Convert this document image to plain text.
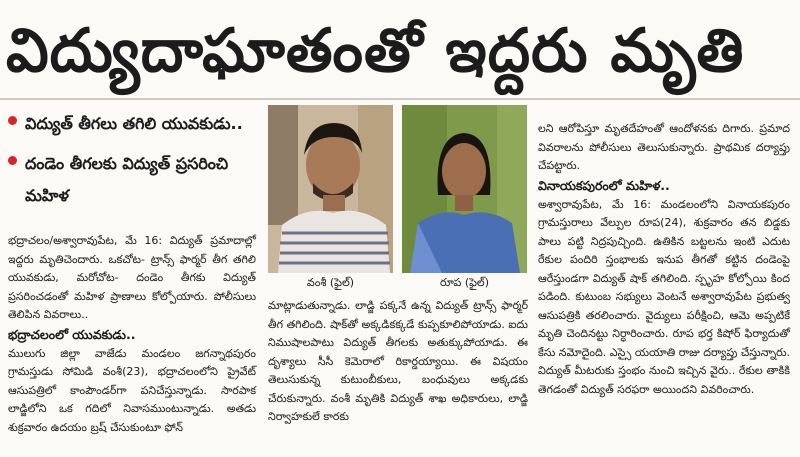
విద్యుదాఘాతంతో ఇద్దరు మృతి
విద్యుత్ తీగలు తగిలి యువకుడు..
దండెం తీగలకు విద్యుత్ ప్రసరించి మహిళ

భద్రాచలం/అశ్వారావుపేట, మే 16: విద్యుత్ ప్రమాదాల్లో ఇద్దరు మృతిచెందారు. ఒకచోట- ట్రాన్స్ ఫార్మర్ తీగ తగిలి యువకుడు, మరోచోట- దండెం తీగకు విద్యుత్ ప్రసరించడంతో మహిళ ప్రాణాలు కోల్పోయారు. పోలీసులు తెలిపిన వివరాలు..

భద్రాచలంలో యువకుడు..

ములుగు జిల్లా వాజేడు మండలం జగన్నాథపురం గ్రామస్తుడు సోమిడి వంశీ(23), భద్రాచలంలోని ప్రైవేట్ ఆసుపత్రిలో కాంపౌండర్‌గా పనిచేస్తున్నాడు. సారపాక లాడ్జిలోని ఒక గదిలో నివాసముంటున్నాడు. అతడు శుక్రవారం ఉదయం బ్రష్ చేసుకుంటూ ఫోన్

వంశీ (ఫైల్)	రూప (ఫైల్)

మాట్లాడుతున్నాడు. లాడ్జి పక్కనే ఉన్న విద్యుత్ ట్రాన్స్ ఫార్మర్ తీగ తగిలింది. షాక్‌తో అక్కడికక్కడే కుప్పకూలిపోయాడు. ఐదు నిముషాలపాటు విద్యుత్ తీగలకు అతుక్కుపోయాడు. ఈ దృశ్యాలు సీసీ కెమెరాలో రికార్డయ్యాయి. ఈ విషయం తెలుసుకున్న కుటుంబీకులు, బంధువులు అక్కడకు చేరుకున్నారు. వంశీ మృతికి విద్యుత్ శాఖ అధికారులు, లాడ్జి నిర్వాహకులే కారకు

లని ఆరోపిస్తూ మృతదేహంతో ఆందోళనకు దిగారు. ప్రమాద వివరాలను పోలీసులు తెలుసుకున్నారు. ప్రాథమిక దర్యాప్తు చేపట్టారు.

వినాయకపురంలో మహిళ..

అశ్వారావుపేట, మే 16: మండలంలోని వినాయకపురం గ్రామస్తురాలు వేల్పుల రూప(24), శుక్రవారం తన బిడ్డకు పాలు పట్టి నిద్రపుచ్చింది. ఉతికిన బట్టలను ఇంటి ఎదుట రేకుల పందిరి స్తంభాలకు ఇనుప తీగతో కట్టిన దండెంపై ఆరేస్తుండగా విద్యుత్ షాక్ తగిలింది. స్పృహ కోల్పోయి కింద పడింది. కుటుంబ సభ్యులు వెంటనే అశ్వారావుపేట ప్రభుత్వ ఆసుపత్రికి తరలించారు. వైద్యులు పరీక్షించి, ఆమె అప్పటికే మృతి చెందినట్టు నిర్ధారించారు. రూప భర్త కిషోర్ ఫిర్యాదుతో కేసు నమోదైంది. ఎస్సై యయాతి రాజు దర్యాప్తు చేస్తున్నారు. విద్యుత్ మీటరుకు స్తంభం నుంచి ఇచ్చిన వైరు.. రేకుల తాకికి తెగడంతో విద్యుత్ సరఫరా అయిందని వివరించారు.
